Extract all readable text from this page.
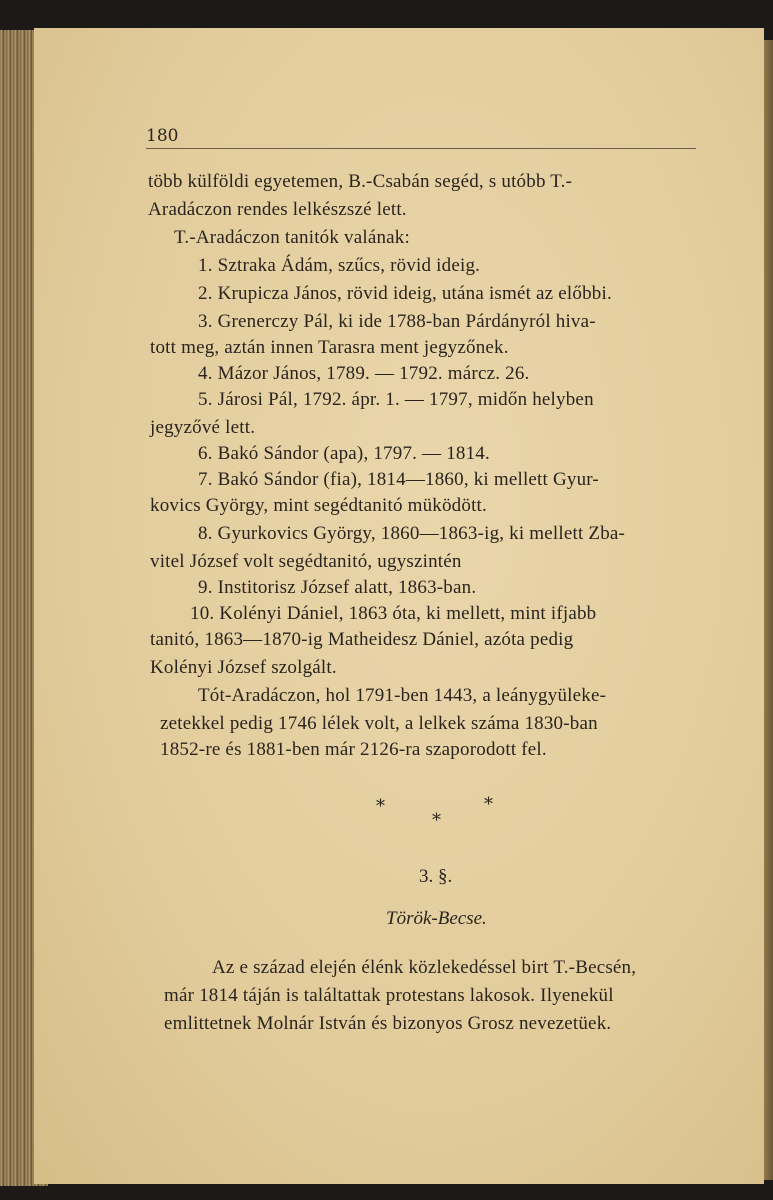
180
több külföldi egyetemen, B.-Csabán segéd, s utóbb T.-
Aradáczon rendes lelkészszé lett.
T.-Aradáczon tanitók valának:
1. Sztraka Ádám, szűcs, rövid ideig.
2. Krupicza János, rövid ideig, utána ismét az előbbi.
3. Grenerczy Pál, ki ide 1788-ban Párdányról hiva-
tott meg, aztán innen Tarasra ment jegyzőnek.
4. Mázor János, 1789. — 1792. márcz. 26.
5. Járosi Pál, 1792. ápr. 1. — 1797, midőn helyben
jegyzővé lett.
6. Bakó Sándor (apa), 1797. — 1814.
7. Bakó Sándor (fia), 1814—1860, ki mellett Gyur-
kovics György, mint segédtanitó müködött.
8. Gyurkovics György, 1860—1863-ig, ki mellett Zba-
vitel József volt segédtanitó, ugyszintén
9. Institorisz József alatt, 1863-ban.
10. Kolényi Dániel, 1863 óta, ki mellett, mint ifjabb
tanitó, 1863—1870-ig Matheidesz Dániel, azóta pedig
Kolényi József szolgált.
Tót-Aradáczon, hol 1791-ben 1443, a leánygyüleke-
zetekkel pedig 1746 lélek volt, a lelkek száma 1830-ban
1852-re és 1881-ben már 2126-ra szaporodott fel.
*	*
*
3. §.
Török-Becse.
Az e század elején élénk közlekedéssel birt T.-Becsén,
már 1814 táján is találtattak protestans lakosok. Ilyenekül
emlittetnek Molnár István és bizonyos Grosz nevezetüek.
